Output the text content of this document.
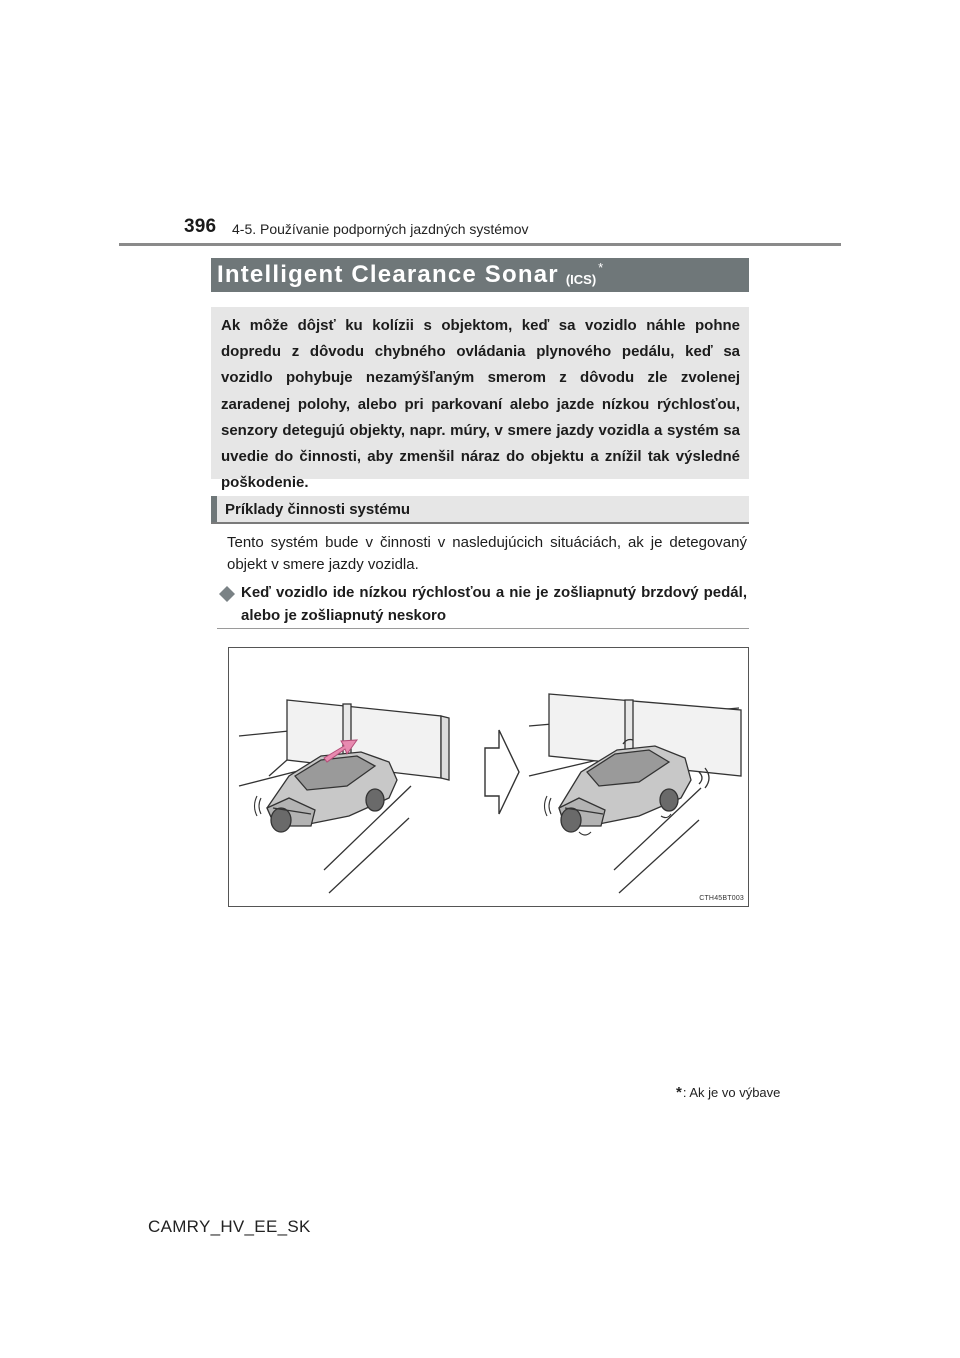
396 4-5. Používanie podporných jazdných systémov
Intelligent Clearance Sonar (ICS)
*

Ak môže dôjsť ku kolízii s objektom, keď sa vozidlo náhle pohne dopredu z dôvodu chybného ovládania plynového pedálu, keď sa vozidlo pohybuje nezamýšľaným smerom z dôvodu zle zvolenej zaradenej polohy, alebo pri parkovaní alebo jazde nízkou rýchlosťou, senzory detegujú objekty, napr. múry, v smere jazdy vozidla a systém sa uvedie do činnosti, aby zmenšil náraz do objektu a znížil tak výsledné poškodenie.

Príklady činnosti systému

Tento systém bude v činnosti v nasledujúcich situáciách, ak je detegovaný objekt v smere jazdy vozidla.

Keď vozidlo ide nízkou rýchlosťou a nie je zošliapnutý brzdový pedál, alebo je zošliapnutý neskoro

CTH45BT003
*: Ak je vo výbave
CAMRY_HV_EE_SK
